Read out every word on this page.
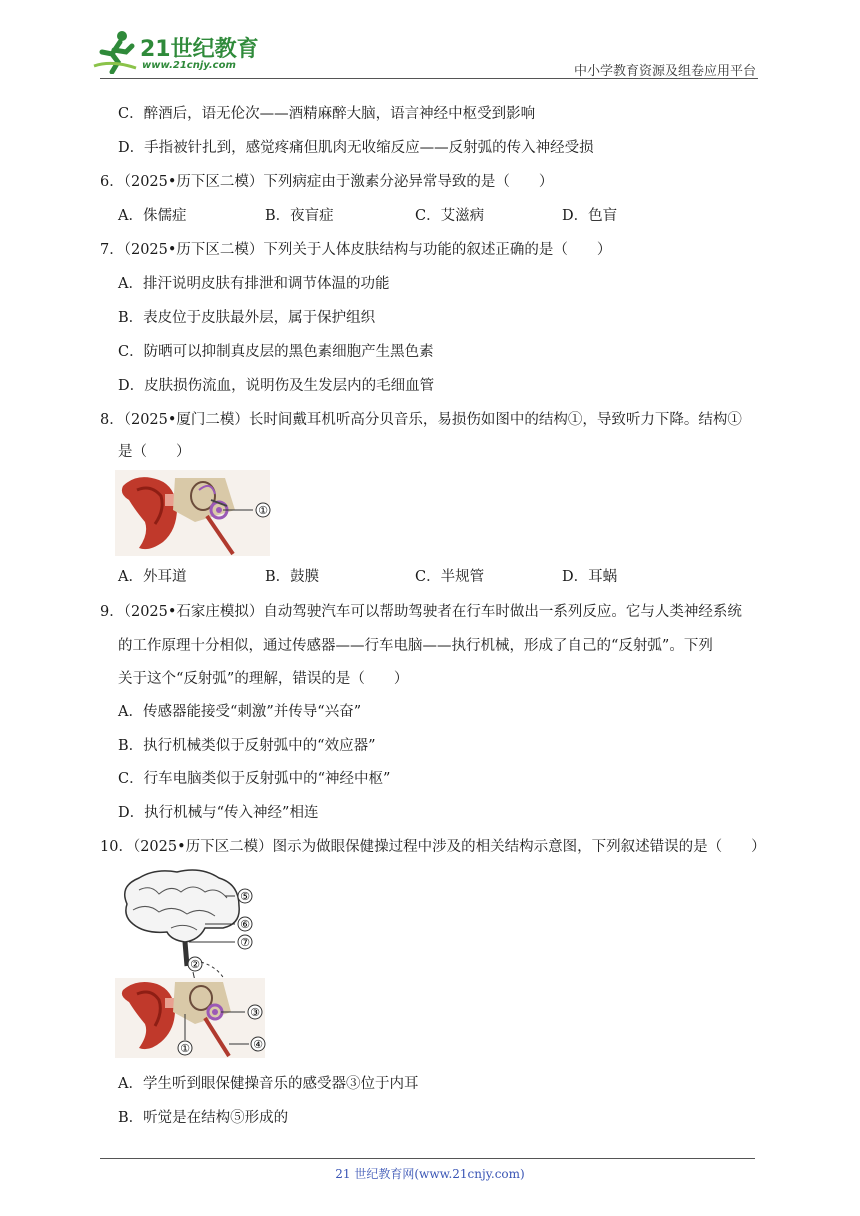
21世纪教育
www.21cnjy.com	中小学教育资源及组卷应用平台
C．醉酒后，语无伦次——酒精麻醉大脑，语言神经中枢受到影响
D．手指被针扎到，感觉疼痛但肌肉无收缩反应——反射弧的传入神经受损
6．（2025•历下区二模）下列病症由于激素分泌异常导致的是（　　）
A．侏儒症	B．夜盲症	C．艾滋病	D．色盲
7．（2025•历下区二模）下列关于人体皮肤结构与功能的叙述正确的是（　　）
A．排汗说明皮肤有排泄和调节体温的功能
B．表皮位于皮肤最外层，属于保护组织
C．防晒可以抑制真皮层的黑色素细胞产生黑色素
D．皮肤损伤流血，说明伤及生发层内的毛细血管
8．（2025•厦门二模）长时间戴耳机听高分贝音乐，易损伤如图中的结构①，导致听力下降。结构①
是（　　）
①
A．外耳道	B．鼓膜	C．半规管	D．耳蜗
9．（2025•石家庄模拟）自动驾驶汽车可以帮助驾驶者在行车时做出一系列反应。它与人类神经系统
的工作原理十分相似，通过传感器——行车电脑——执行机械，形成了自己的“反射弧”。下列
关于这个“反射弧”的理解，错误的是（　　）
A．传感器能接受“刺激”并传导“兴奋”
B．执行机械类似于反射弧中的“效应器”
C．行车电脑类似于反射弧中的“神经中枢”
D．执行机械与“传入神经”相连
10．（2025•历下区二模）图示为做眼保健操过程中涉及的相关结构示意图，下列叙述错误的是（　　）
⑤
⑥
⑦
②
③
①	④
A．学生听到眼保健操音乐的感受器③位于内耳
B．听觉是在结构⑤形成的
21 世纪教育网(www.21cnjy.com)
